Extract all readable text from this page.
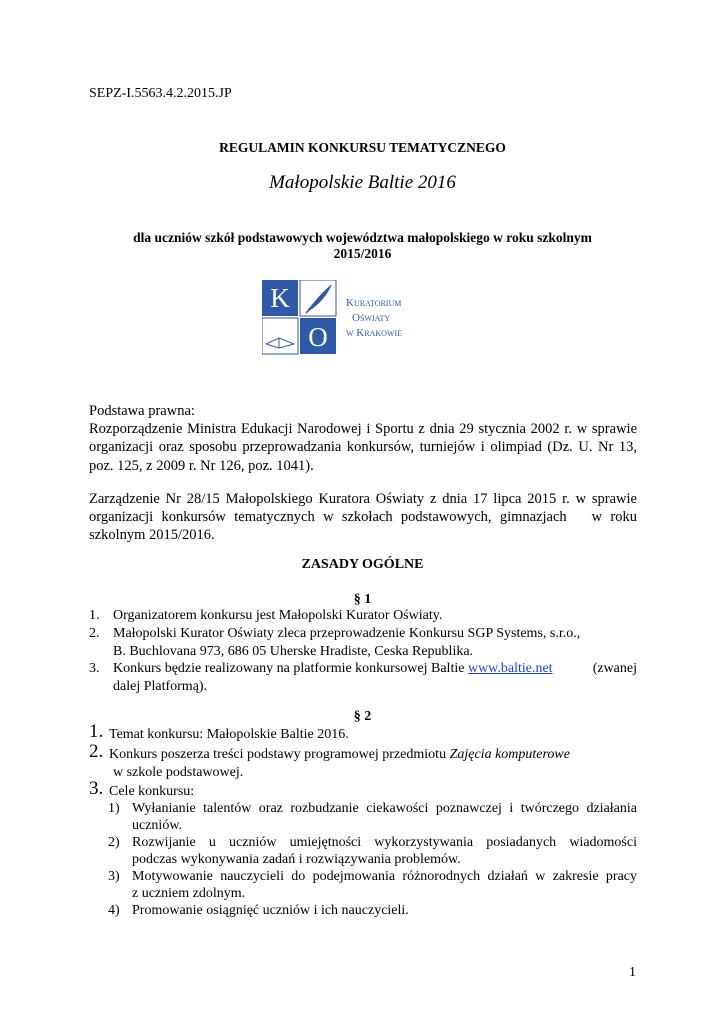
SEPZ-I.5563.4.2.2015.JP
REGULAMIN KONKURSU TEMATYCZNEGO
Małopolskie Baltie 2016
dla uczniów szkół podstawowych województwa małopolskiego w roku szkolnym
2015/2016
K
O
Kuratorium
Oświaty
w Krakowie
Podstawa prawna:
Rozporządzenie Ministra Edukacji Narodowej i Sportu z dnia 29 stycznia 2002 r. w sprawie
organizacji oraz sposobu przeprowadzania konkursów, turniejów i olimpiad (Dz. U. Nr 13,
poz. 125, z 2009 r. Nr 126, poz. 1041).
Zarządzenie Nr 28/15 Małopolskiego Kuratora Oświaty z dnia 17 lipca 2015 r. w sprawie
organizacji konkursów tematycznych w szkołach podstawowych, gimnazjach   w roku
szkolnym 2015/2016.
ZASADY OGÓLNE
§ 1
1. Organizatorem konkursu jest Małopolski Kurator Oświaty.
2. Małopolski Kurator Oświaty zleca przeprowadzenie Konkursu SGP Systems, s.r.o.,
B. Buchlovana 973, 686 05 Uherske Hradiste, Ceska Republika.
3. Konkurs będzie realizowany na platformie konkursowej Baltie www.baltie.net	(zwanej
dalej Platformą).
§ 2
1. Temat konkursu: Małopolskie Baltie 2016.
2. Konkurs poszerza treści podstawy programowej przedmiotu Zajęcia komputerowe
w szkole podstawowej.
3. Cele konkursu:
1) Wyłanianie talentów oraz rozbudzanie ciekawości poznawczej i twórczego działania
uczniów.
2) Rozwijanie u uczniów umiejętności wykorzystywania posiadanych wiadomości
podczas wykonywania zadań i rozwiązywania problemów.
3) Motywowanie nauczycieli do podejmowania różnorodnych działań w zakresie pracy
z uczniem zdolnym.
4) Promowanie osiągnięć uczniów i ich nauczycieli.
1
